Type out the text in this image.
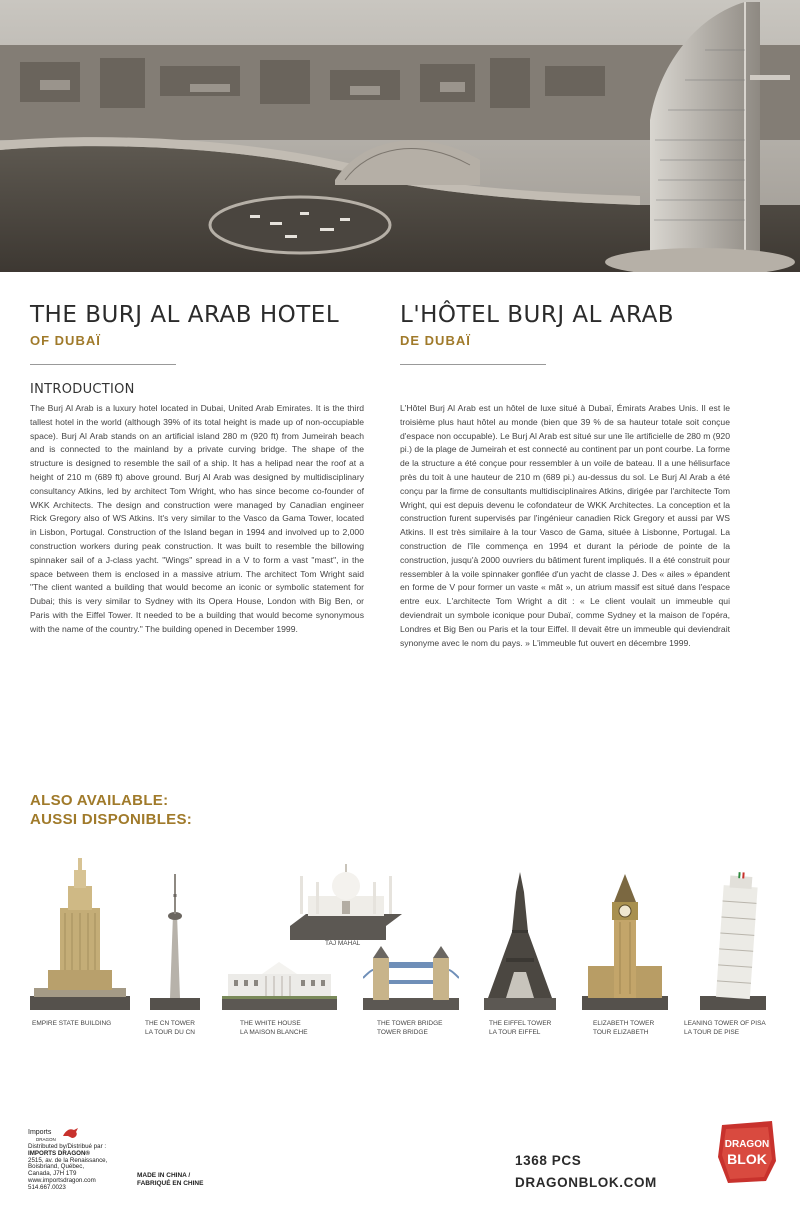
THE BURJ AL ARAB HOTEL
OF DUBAÏ
L'HÔTEL BURJ AL ARAB
DE DUBAÏ
INTRODUCTION

The Burj Al Arab is a luxury hotel located in Dubai, United Arab Emirates. It is the third tallest hotel in the world (although 39% of its total height is made up of non-occupiable space). Burj Al Arab stands on an artificial island 280 m (920 ft) from Jumeirah beach and is connected to the mainland by a private curving bridge. The shape of the structure is designed to resemble the sail of a ship. It has a helipad near the roof at a height of 210 m (689 ft) above ground. Burj Al Arab was designed by multidisciplinary consultancy Atkins, led by architect Tom Wright, who has since become co-founder of WKK Architects. The design and construction were managed by Canadian engineer Rick Gregory also of WS Atkins. It's very similar to the Vasco da Gama Tower, located in Lisbon, Portugal. Construction of the Island began in 1994 and involved up to 2,000 construction workers during peak construction. It was built to resemble the billowing spinnaker sail of a J-class yacht. "Wings" spread in a V to form a vast "mast", in the space between them is enclosed in a massive atrium. The architect Tom Wright said "The client wanted a building that would become an iconic or symbolic statement for Dubai; this is very similar to Sydney with its Opera House, London with Big Ben, or Paris with the Eiffel Tower. It needed to be a building that would become synonymous with the name of the country." The building opened in December 1999.

L'Hôtel Burj Al Arab est un hôtel de luxe situé à Dubaï, Émirats Arabes Unis. Il est le troisième plus haut hôtel au monde (bien que 39 % de sa hauteur totale soit conçue d'espace non occupable). Le Burj Al Arab est situé sur une île artificielle de 280 m (920 pi.) de la plage de Jumeirah et est connecté au continent par un pont courbe. La forme de la structure a été conçue pour ressembler à un voile de bateau. Il a une hélisurface près du toit à une hauteur de 210 m (689 pi.) au-dessus du sol. Le Burj Al Arab a été conçu par la firme de consultants multidisciplinaires Atkins, dirigée par l'architecte Tom Wright, qui est depuis devenu le cofondateur de WKK Architectes. La conception et la construction furent supervisés par l'ingénieur canadien Rick Gregory et aussi par WS Atkins. Il est très similaire à la tour Vasco de Gama, située à Lisbonne, Portugal. La construction de l'île commença en 1994 et durant la période de pointe de la construction, jusqu'à 2000 ouvriers du bâtiment furent impliqués. Il a été construit pour ressembler à la voile spinnaker gonflée d'un yacht de classe J. Des « ailes » épandent en forme de V pour former un vaste « mât », un atrium massif est situé dans l'espace entre eux. L'architecte Tom Wright a dit : « Le client voulait un immeuble qui deviendrait un symbole iconique pour Dubaï, comme Sydney et la maison de l'opéra, Londres et Big Ben ou Paris et la tour Eiffel. Il devait être un immeuble qui deviendrait synonyme avec le nom du pays. » L'immeuble fut ouvert en décembre 1999.

ALSO AVAILABLE:
AUSSI DISPONIBLES:
TAJ MAHAL
EMPIRE STATE BUILDING	THE CN TOWER
LA TOUR DU CN
THE WHITE HOUSE
LA MAISON BLANCHE
THE TOWER BRIDGE
TOWER BRIDGE
THE EIFFEL TOWER
LA TOUR EIFFEL
ELIZABETH TOWER
TOUR ELIZABETH
LEANING TOWER OF PISA
LA TOUR DE PISE
Imports
DRAGON
Distributed by/Distribué par :
IMPORTS DRAGON®
2515, av. de la Renaissance,
Boisbriand, Québec,
Canada, J7H 1T9
www.importsdragon.com
514.667.0023
MADE IN CHINA /
FABRIQUÉ EN CHINE
1368 PCS
DRAGONBLOK.COM
DRAGON
BLOK
